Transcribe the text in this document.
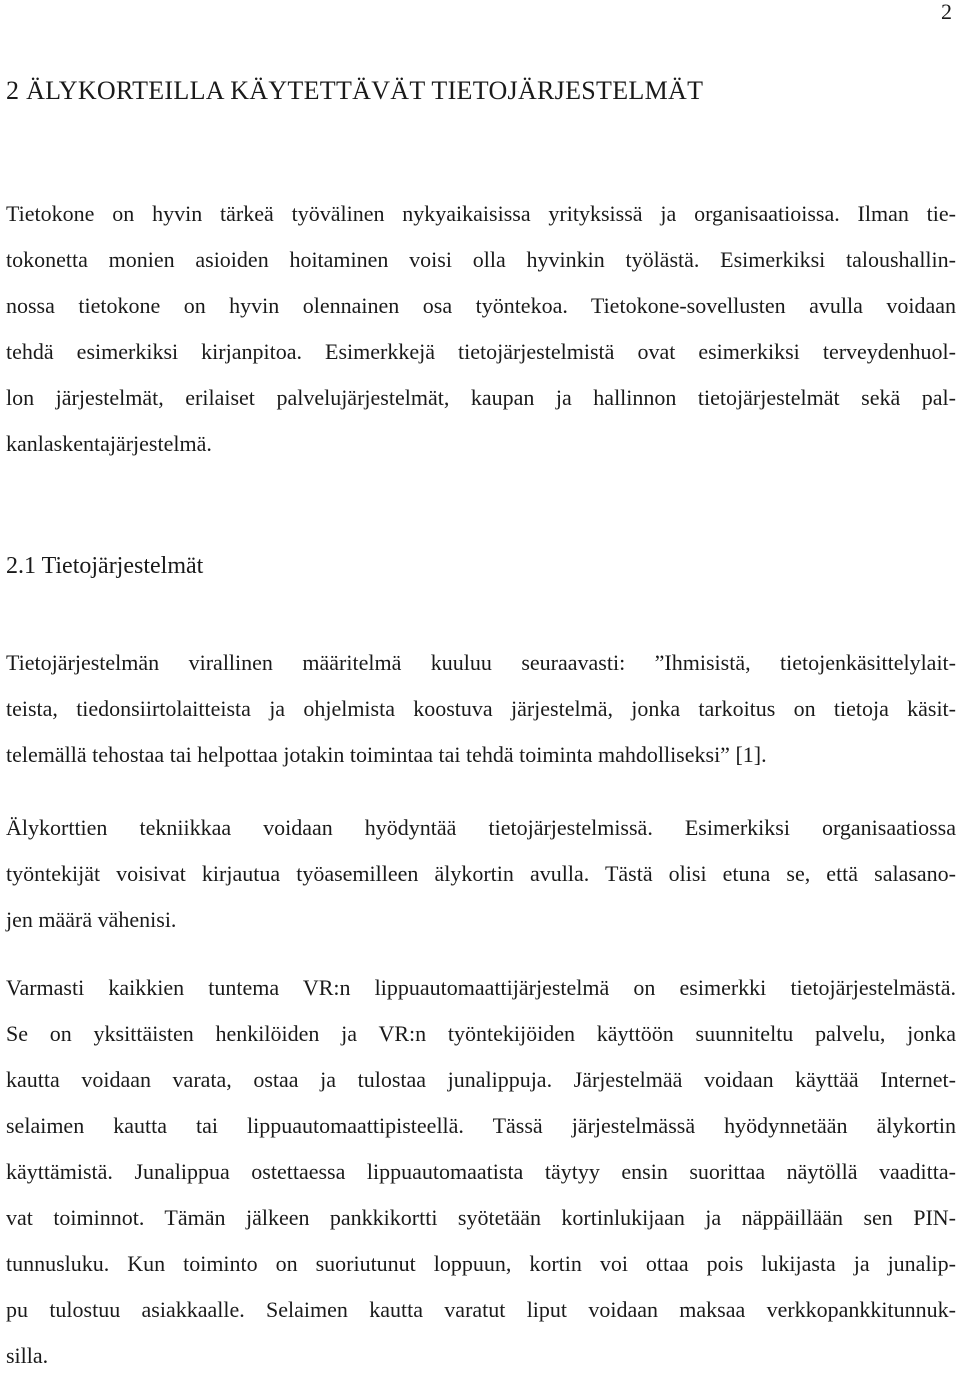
2
2 ÄLYKORTEILLA KÄYTETTÄVÄT TIETOJÄRJESTELMÄT
Tietokone on hyvin tärkeä työvälinen nykyaikaisissa yrityksissä ja organisaatioissa. Ilman tie-
tokonetta monien asioiden hoitaminen voisi olla hyvinkin työlästä. Esimerkiksi taloushallin-
nossa tietokone on hyvin olennainen osa työntekoa. Tietokone-sovellusten avulla voidaan
tehdä esimerkiksi kirjanpitoa. Esimerkkejä tietojärjestelmistä ovat esimerkiksi terveydenhuol-
lon järjestelmät, erilaiset palvelujärjestelmät, kaupan ja hallinnon tietojärjestelmät sekä pal-
kanlaskentajärjestelmä.
2.1 Tietojärjestelmät
Tietojärjestelmän virallinen määritelmä kuuluu seuraavasti: ”Ihmisistä, tietojenkäsittelylait-
teista, tiedonsiirtolaitteista ja ohjelmista koostuva järjestelmä, jonka tarkoitus on tietoja käsit-
telemällä tehostaa tai helpottaa jotakin toimintaa tai tehdä toiminta mahdolliseksi” [1].
Älykorttien tekniikkaa voidaan hyödyntää tietojärjestelmissä. Esimerkiksi organisaatiossa
työntekijät voisivat kirjautua työasemilleen älykortin avulla. Tästä olisi etuna se, että salasano-
jen määrä vähenisi.
Varmasti kaikkien tuntema VR:n lippuautomaattijärjestelmä on esimerkki tietojärjestelmästä.
Se on yksittäisten henkilöiden ja VR:n työntekijöiden käyttöön suunniteltu palvelu, jonka
kautta voidaan varata, ostaa ja tulostaa junalippuja. Järjestelmää voidaan käyttää Internet-
selaimen kautta tai lippuautomaattipisteellä. Tässä järjestelmässä hyödynnetään älykortin
käyttämistä. Junalippua ostettaessa lippuautomaatista täytyy ensin suorittaa näytöllä vaaditta-
vat toiminnot. Tämän jälkeen pankkikortti syötetään kortinlukijaan ja näppäillään sen PIN-
tunnusluku. Kun toiminto on suoriutunut loppuun, kortin voi ottaa pois lukijasta ja junalip-
pu tulostuu asiakkaalle. Selaimen kautta varatut liput voidaan maksaa verkkopankkitunnuk-
silla.
